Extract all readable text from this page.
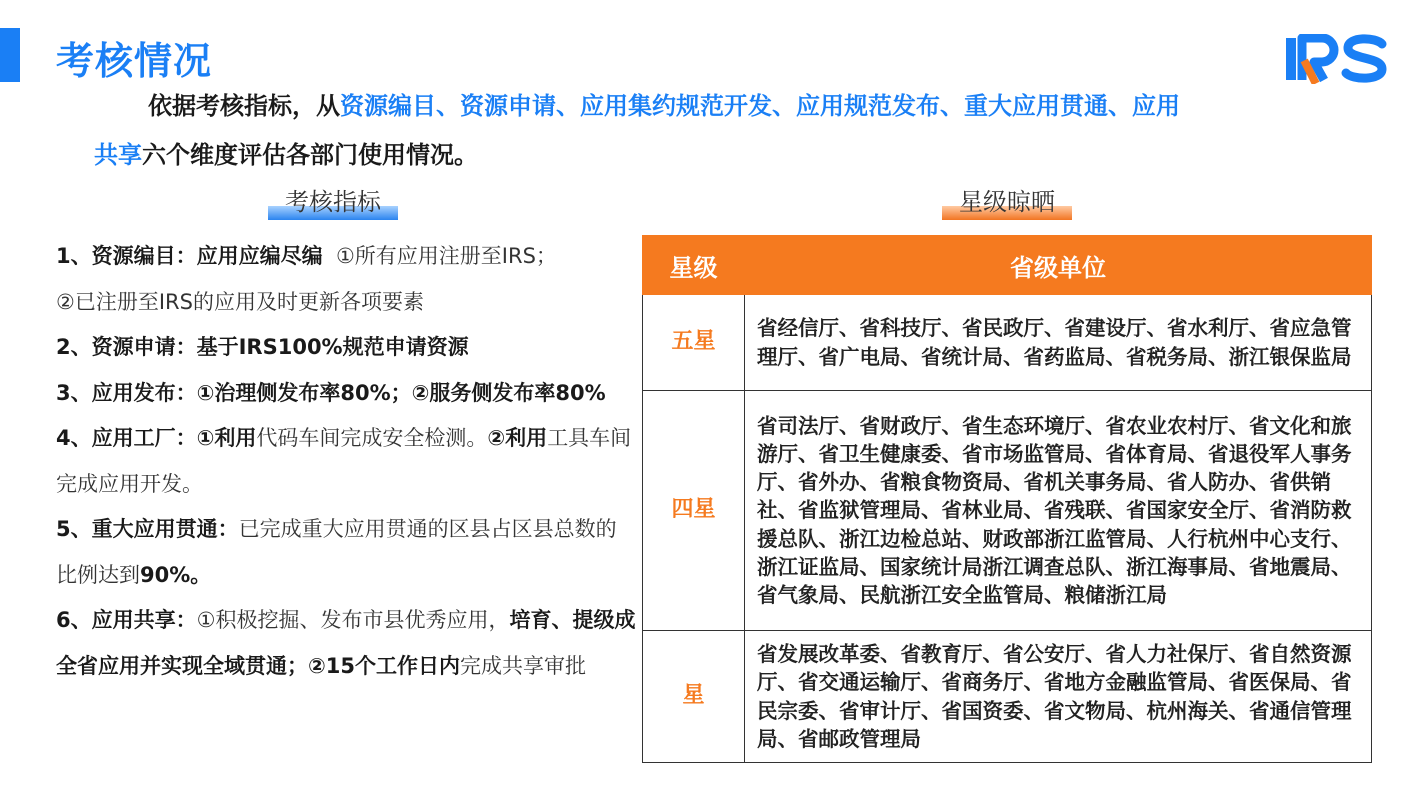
考核情况
依据考核指标，从资源编目、资源申请、应用集约规范开发、应用规范发布、重大应用贯通、应用
共享六个维度评估各部门使用情况。
考核指标	星级晾晒

1、资源编目：应用应编尽编 ①所有应用注册至IRS；

②已注册至IRS的应用及时更新各项要素

2、资源申请：基于IRS100%规范申请资源

3、应用发布：①治理侧发布率80%；②服务侧发布率80%

4、应用工厂：①利用代码车间完成安全检测。②利用工具车间完成应用开发。

5、重大应用贯通：已完成重大应用贯通的区县占区县总数的比例达到90%。

6、应用共享：①积极挖掘、发布市县优秀应用，培育、提级成全省应用并实现全域贯通；②15个工作日内完成共享审批

星级	省级单位
五星	省经信厅、省科技厅、省民政厅、省建设厅、省水利厅、省应急管理厅、省广电局、省统计局、省药监局、省税务局、浙江银保监局
四星	省司法厅、省财政厅、省生态环境厅、省农业农村厅、省文化和旅游厅、省卫生健康委、省市场监管局、省体育局、省退役军人事务厅、省外办、省粮食物资局、省机关事务局、省人防办、省供销社、省监狱管理局、省林业局、省残联、省国家安全厅、省消防救援总队、浙江边检总站、财政部浙江监管局、人行杭州中心支行、浙江证监局、国家统计局浙江调查总队、浙江海事局、省地震局、省气象局、民航浙江安全监管局、粮储浙江局
星	省发展改革委、省教育厅、省公安厅、省人力社保厅、省自然资源厅、省交通运输厅、省商务厅、省地方金融监管局、省医保局、省民宗委、省审计厅、省国资委、省文物局、杭州海关、省通信管理局、省邮政管理局
